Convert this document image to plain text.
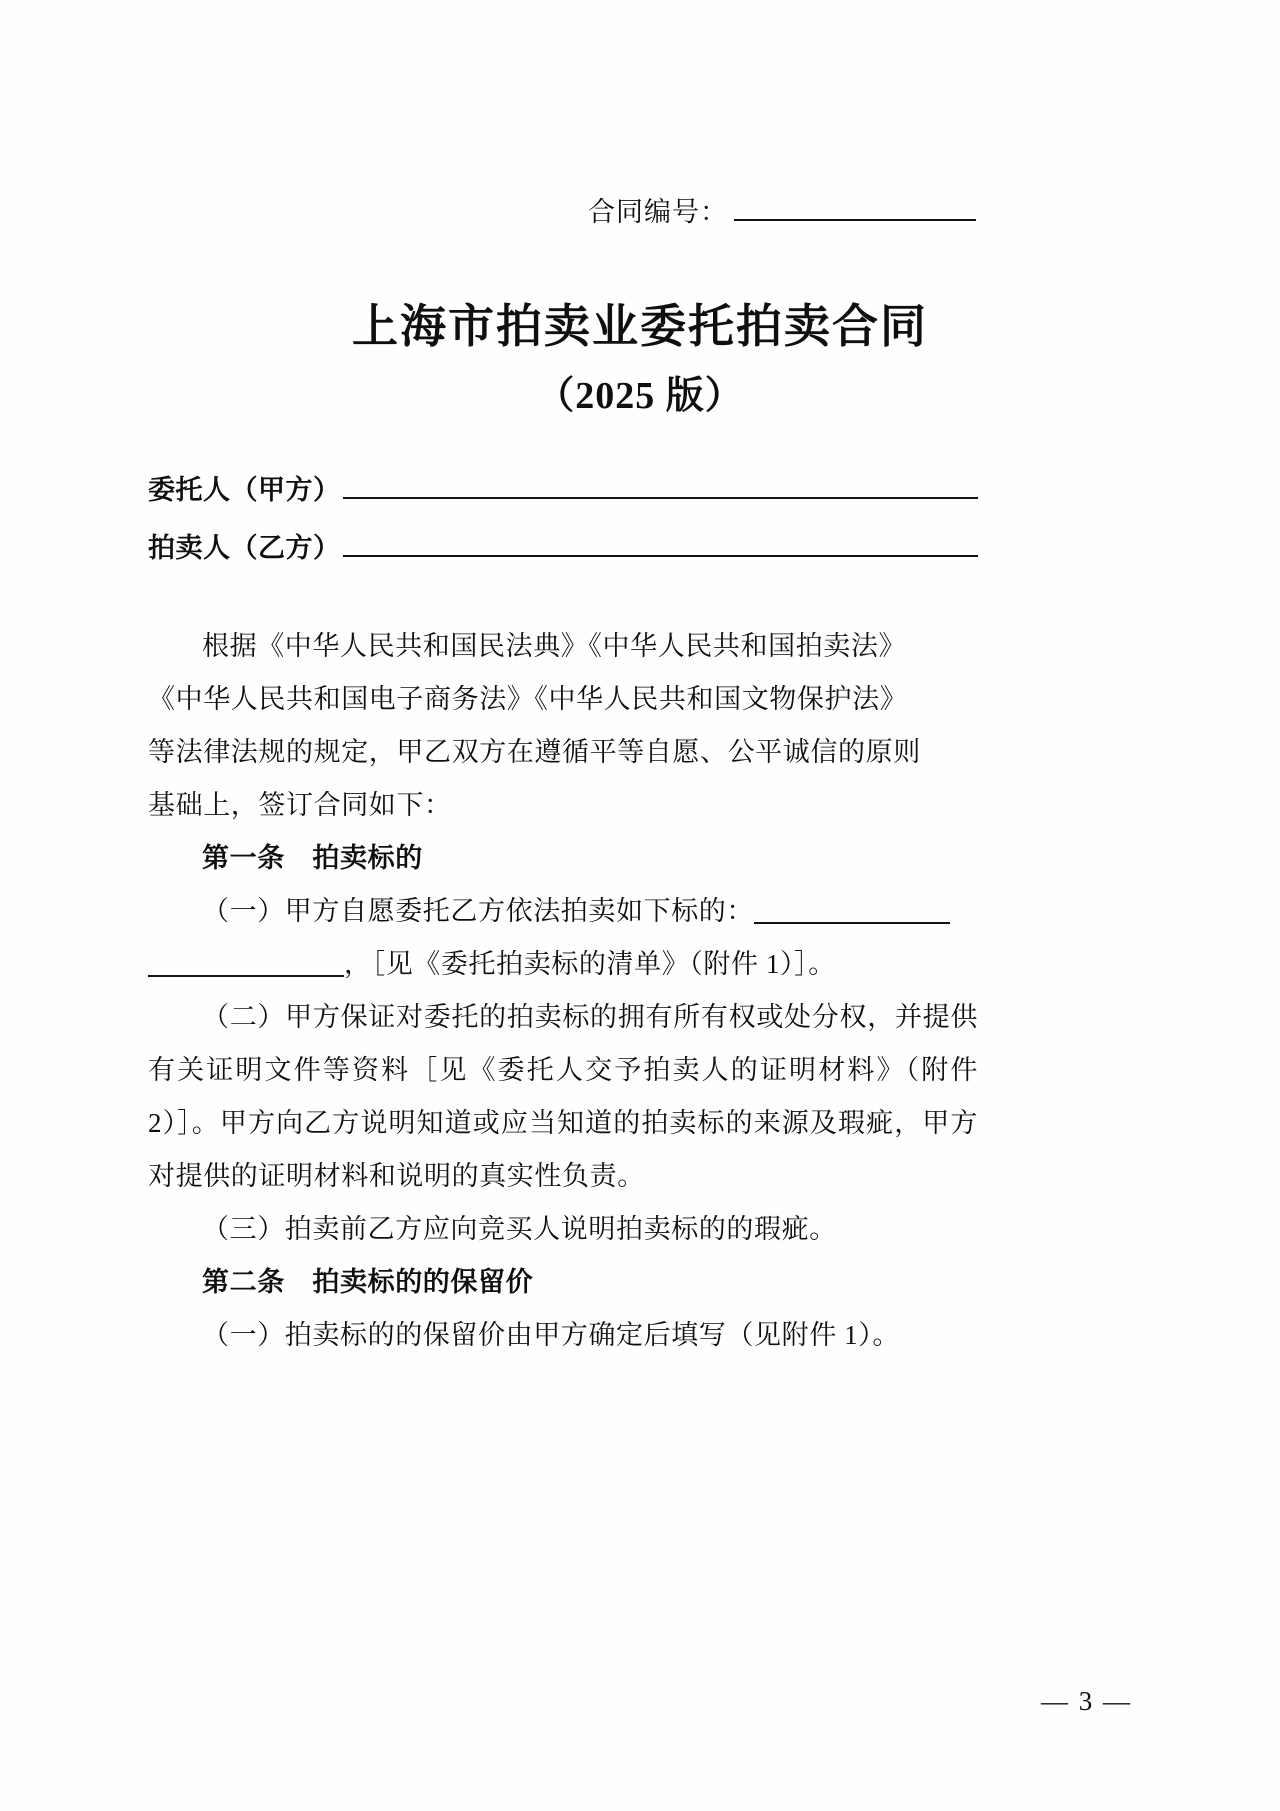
合同编号：
上海市拍卖业委托拍卖合同
（2025 版）
委托人（甲方）
拍卖人（乙方）

根据《中华人民共和国民法典》《中华人民共和国拍卖法》
《中华人民共和国电子商务法》《中华人民共和国文物保护法》
等法律法规的规定，甲乙双方在遵循平等自愿、公平诚信的原则
基础上，签订合同如下：

第一条　拍卖标的

（一）甲方自愿委托乙方依法拍卖如下标的：
，［见《委托拍卖标的清单》（附件 1）］。

（二）甲方保证对委托的拍卖标的拥有所有权或处分权，并提供有关证明文件等资料［见《委托人交予拍卖人的证明材料》（附件 2）］。甲方向乙方说明知道或应当知道的拍卖标的来源及瑕疵，甲方对提供的证明材料和说明的真实性负责。

（三）拍卖前乙方应向竞买人说明拍卖标的的瑕疵。

第二条　拍卖标的的保留价

（一）拍卖标的的保留价由甲方确定后填写（见附件 1）。

— 3 —
